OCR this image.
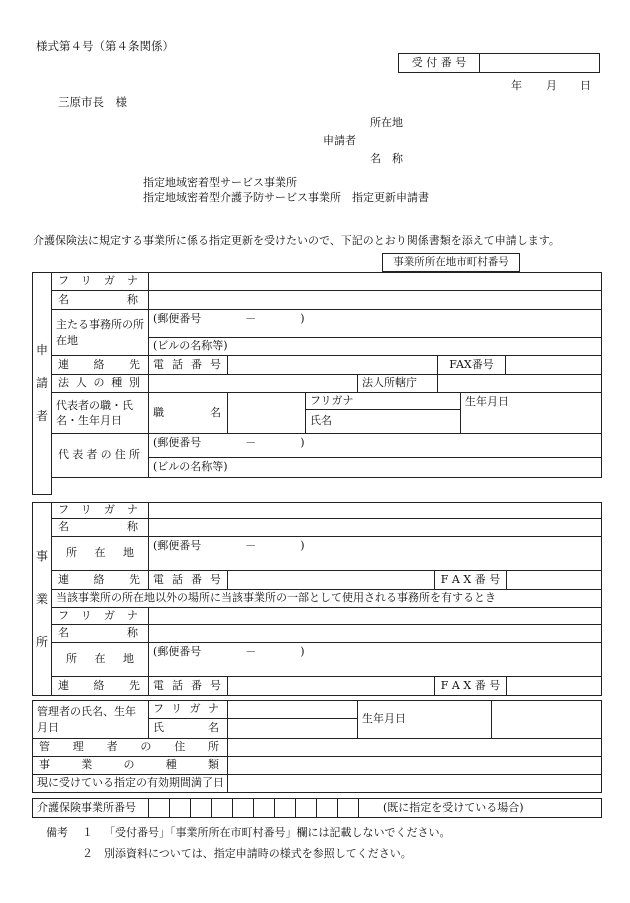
様式第４号（第４条関係）
受 付 番 号	
年 月 日
三原市長　様
所在地
申請者
名　称
指定地域密着型サービス事業所
指定地域密着型介護予防サービス事業所　指定更新申請書
介護保険法に規定する事業所に係る指定更新を受けたいので、下記のとおり関係書類を添えて申請します。
事業所所在地市町村番号
申
請
者	フリガナ							
	名称							
	主たる事務所の所在地	(郵便番号　　　　－　　　　)						
		(ビルの名称等)						
	連絡先	電話番号				FAX番号		
	法人の種別				法人所轄庁			
	代表者の職・氏名・生年月日	職　　名		フリガナ			生年月日	
				氏名				
	代表者の住所	(郵便番号　　　　－　　　　)						
		(ビルの名称等)						

事
業
所	フリガナ				
	名称				
	所在地	(郵便番号　　　　－　　　　)			
	連絡先	電話番号		F A X 番 号	
	当該事業所の所在地以外の場所に当該事業所の一部として使用される事務所を有するとき				
	フリガナ				
	名称				
	所在地	(郵便番号　　　　－　　　　)			
	連絡先	電話番号		F A X 番 号	
管理者の氏名、生年月日	フリガナ		生年月日	
	氏名			
管理者の住所				
事業の種類				
現に受けている指定の有効期間満了日				
介護保険事業所番号											(既に指定を受けている場合)
備考 １ 「受付番号」「事業所所在市町村番号」欄には記載しないでください。
２ 別添資料については、指定申請時の様式を参照してください。
